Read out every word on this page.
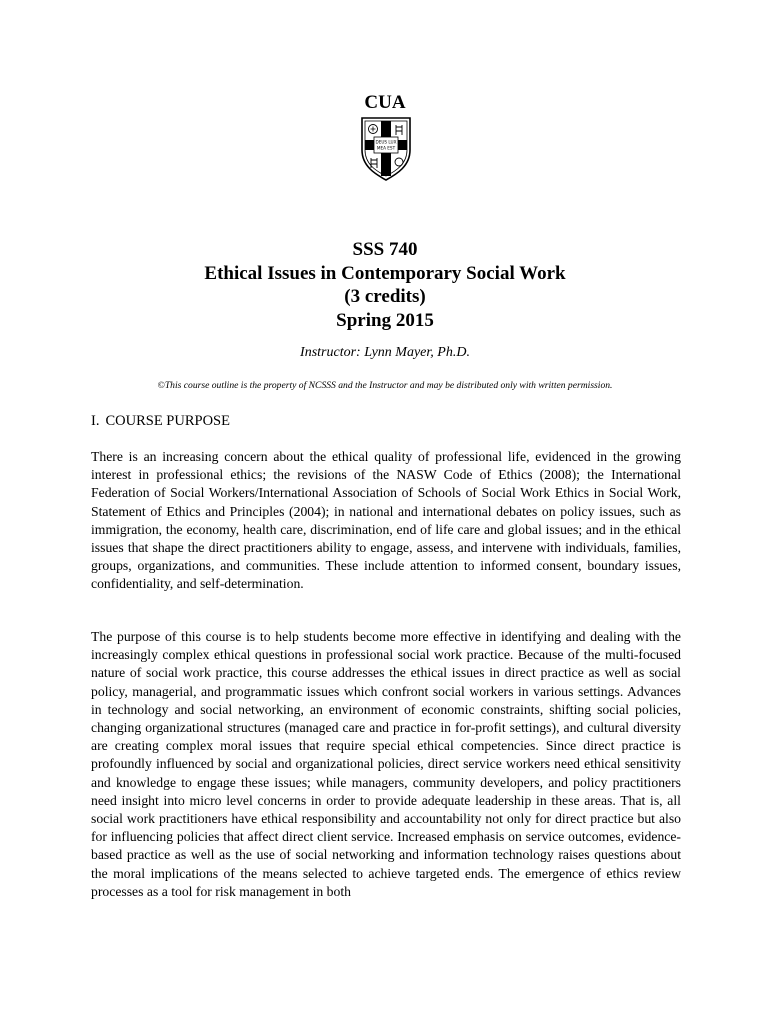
CUA
DEUS LUX
MEA EST
SSS 740
Ethical Issues in Contemporary Social Work
(3 credits)
Spring 2015
Instructor: Lynn Mayer, Ph.D.
©This course outline is the property of NCSSS and the Instructor and may be distributed only with written permission.
I. COURSE PURPOSE

There is an increasing concern about the ethical quality of professional life, evidenced in the growing interest in professional ethics; the revisions of the NASW Code of Ethics (2008); the International Federation of Social Workers/International Association of Schools of Social Work Ethics in Social Work, Statement of Ethics and Principles (2004); in national and international debates on policy issues, such as immigration, the economy, health care, discrimination, end of life care and global issues; and in the ethical issues that shape the direct practitioners ability to engage, assess, and intervene with individuals, families, groups, organizations, and communities. These include attention to informed consent, boundary issues, confidentiality, and self-determination.

The purpose of this course is to help students become more effective in identifying and dealing with the increasingly complex ethical questions in professional social work practice. Because of the multi-focused nature of social work practice, this course addresses the ethical issues in direct practice as well as social policy, managerial, and programmatic issues which confront social workers in various settings. Advances in technology and social networking, an environment of economic constraints, shifting social policies, changing organizational structures (managed care and practice in for-profit settings), and cultural diversity are creating complex moral issues that require special ethical competencies. Since direct practice is profoundly influenced by social and organizational policies, direct service workers need ethical sensitivity and knowledge to engage these issues; while managers, community developers, and policy practitioners need insight into micro level concerns in order to provide adequate leadership in these areas. That is, all social work practitioners have ethical responsibility and accountability not only for direct practice but also for influencing policies that affect direct client service. Increased emphasis on service outcomes, evidence-based practice as well as the use of social networking and information technology raises questions about the moral implications of the means selected to achieve targeted ends. The emergence of ethics review processes as a tool for risk management in both
